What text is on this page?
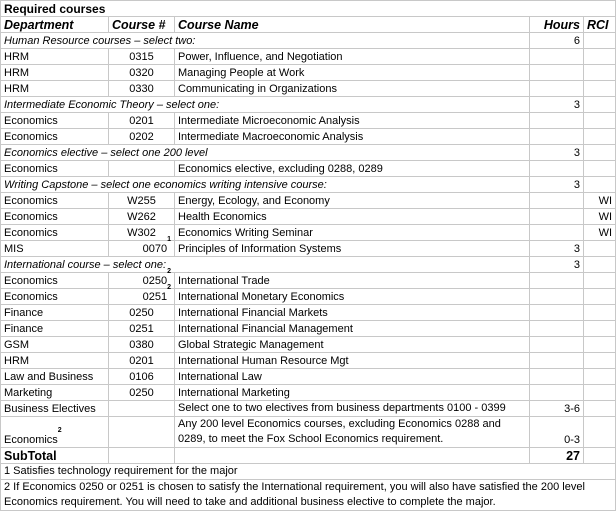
Required courses				
Department	Course #	Course Name	Hours	RCI
Human Resource courses – select two:			6	
HRM	0315	Power, Influence, and Negotiation		
HRM	0320	Managing People at Work		
HRM	0330	Communicating in Organizations		
Intermediate Economic Theory – select one:			3	
Economics	0201	Intermediate Microeconomic Analysis		
Economics	0202	Intermediate Macroeconomic Analysis		
Economics elective – select one 200 level			3	
Economics		Economics elective, excluding 0288, 0289		
Writing Capstone – select one economics writing intensive course:			3	
Economics	W255	Energy, Ecology, and Economy		WI
Economics	W262	Health Economics		WI
Economics	W302	Economics Writing Seminar		WI
MIS	0070$^1$	Principles of Information Systems	3	
International course – select one:			3	
Economics	0250$^2$	International Trade		
Economics	0251$^2$	International Monetary Economics		
Finance	0250	International Financial Markets		
Finance	0251	International Financial Management		
GSM	0380	Global Strategic Management		
HRM	0201	International Human Resource Mgt		
Law and Business	0106	International Law		
Marketing	0250	International Marketing		
Business Electives		Select one to two electives from business departments 0100 - 0399	3-6	
Economics$^2$		Any 200 level Economics courses, excluding Economics 0288 and 0289, to meet the Fox School Economics requirement.	0-3	
SubTotal			27	
1 Satisfies technology requirement for the major				
2 If Economics 0250 or 0251 is chosen to satisfy the International requirement, you will also have satisfied the 200 level Economics requirement. You will need to take and additional business elective to complete the major.				
